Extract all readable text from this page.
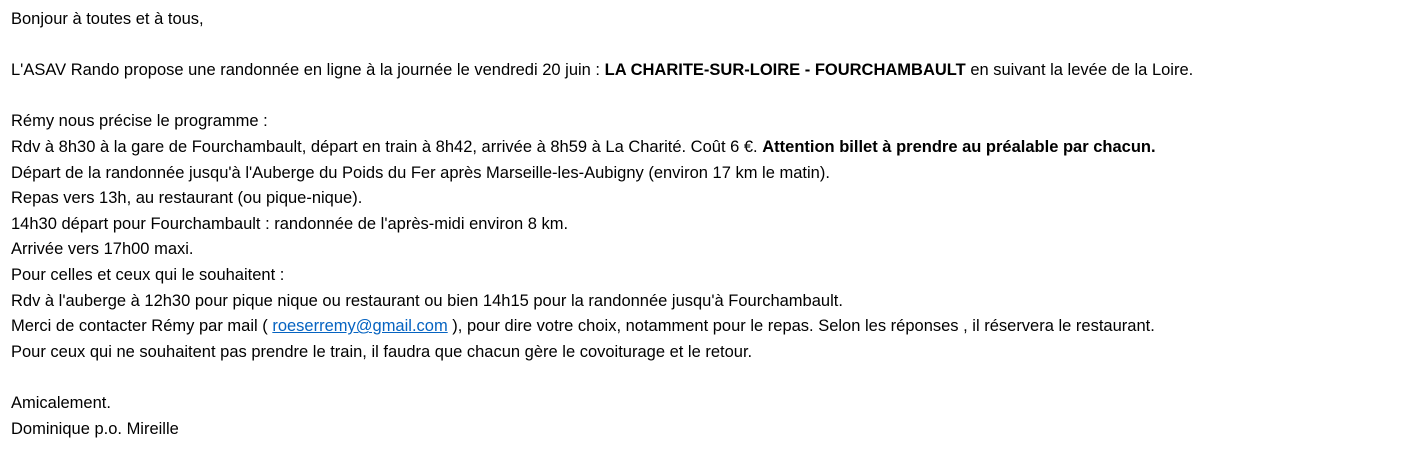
Bonjour à toutes et à tous,
L'ASAV Rando propose une randonnée en ligne à la journée le vendredi 20 juin : LA CHARITE-SUR-LOIRE - FOURCHAMBAULT en suivant la levée de la Loire.
Rémy nous précise le programme :
Rdv à 8h30 à la gare de Fourchambault, départ en train à 8h42, arrivée à 8h59 à La Charité. Coût 6 €. Attention billet à prendre au préalable par chacun.
Départ de la randonnée jusqu'à l'Auberge du Poids du Fer après Marseille-les-Aubigny (environ 17 km le matin).
Repas vers 13h, au restaurant (ou pique-nique).
14h30 départ pour Fourchambault : randonnée de l'après-midi environ 8 km.
Arrivée vers 17h00 maxi.
Pour celles et ceux qui le souhaitent :
Rdv à l'auberge à 12h30 pour pique nique ou restaurant ou bien 14h15 pour la randonnée jusqu'à Fourchambault.
Merci de contacter Rémy par mail ( roeserremy@gmail.com ), pour dire votre choix, notamment pour le repas. Selon les réponses , il réservera le restaurant.
Pour ceux qui ne souhaitent pas prendre le train, il faudra que chacun gère le covoiturage et le retour.
Amicalement.
Dominique p.o. Mireille
